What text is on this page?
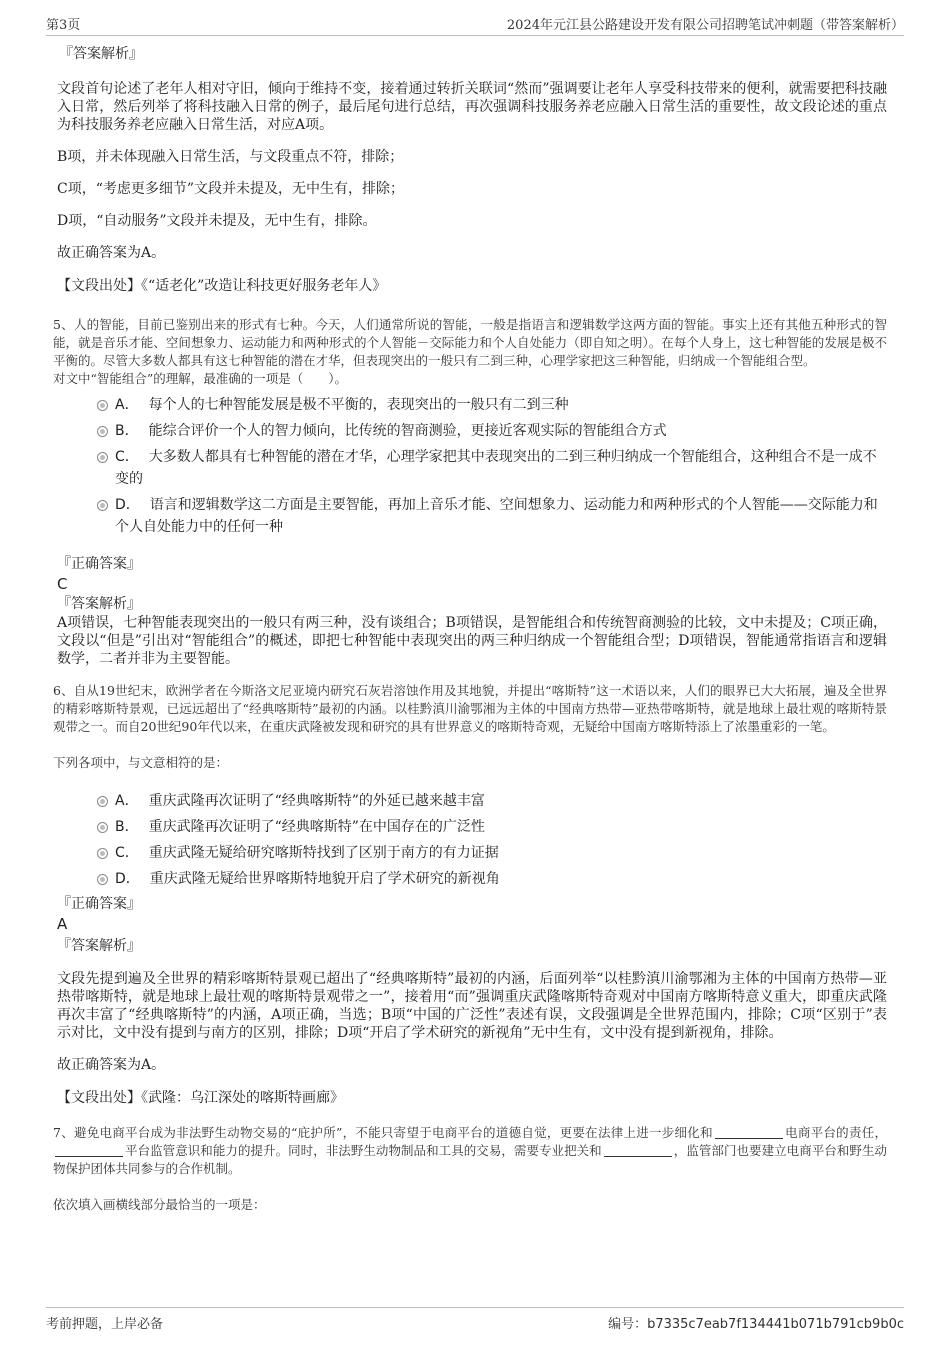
第3页	2024年元江县公路建设开发有限公司招聘笔试冲刺题（带答案解析）
『答案解析』
文段首句论述了老年人相对守旧，倾向于维持不变，接着通过转折关联词“然而”强调要让老年人享受科技带来的便利，就需要把科技融入日常，然后列举了将科技融入日常的例子，最后尾句进行总结，再次强调科技服务养老应融入日常生活的重要性，故文段论述的重点为科技服务养老应融入日常生活，对应A项。
B项，并未体现融入日常生活，与文段重点不符，排除；
C项，“考虑更多细节”文段并未提及，无中生有，排除；
D项，“自动服务”文段并未提及，无中生有，排除。
故正确答案为A。
【文段出处】《“适老化”改造让科技更好服务老年人》
5、人的智能，目前已鉴别出来的形式有七种。今天，人们通常所说的智能，一般是指语言和逻辑数学这两方面的智能。事实上还有其他五种形式的智能，就是音乐才能、空间想象力、运动能力和两种形式的个人智能－交际能力和个人自处能力（即自知之明）。在每个人身上，这七种智能的发展是极不平衡的。尽管大多数人都具有这七种智能的潜在才华，但表现突出的一般只有二到三种，心理学家把这三种智能，归纳成一个智能组合型。
对文中“智能组合”的理解，最准确的一项是（　　）。
A． 每个人的七种智能发展是极不平衡的，表现突出的一般只有二到三种
B． 能综合评价一个人的智力倾向，比传统的智商测验，更接近客观实际的智能组合方式
C． 大多数人都具有七种智能的潜在才华，心理学家把其中表现突出的二到三种归纳成一个智能组合，这种组合不是一成不变的
D． 语言和逻辑数学这二方面是主要智能，再加上音乐才能、空间想象力、运动能力和两种形式的个人智能——交际能力和个人自处能力中的任何一种
『正确答案』
C
『答案解析』
A项错误，七种智能表现突出的一般只有两三种，没有谈组合；B项错误，是智能组合和传统智商测验的比较，文中未提及；C项正确，文段以“但是”引出对“智能组合”的概述，即把七种智能中表现突出的两三种归纳成一个智能组合型；D项错误，智能通常指语言和逻辑数学，二者并非为主要智能。
6、自从19世纪末，欧洲学者在今斯洛文尼亚境内研究石灰岩溶蚀作用及其地貌，并提出“喀斯特”这一术语以来，人们的眼界已大大拓展，遍及全世界的精彩喀斯特景观，已远远超出了“经典喀斯特”最初的内涵。以桂黔滇川渝鄂湘为主体的中国南方热带—亚热带喀斯特，就是地球上最壮观的喀斯特景观带之一。而自20世纪90年代以来，在重庆武隆被发现和研究的具有世界意义的喀斯特奇观，无疑给中国南方喀斯特添上了浓墨重彩的一笔。
下列各项中，与文意相符的是：
A． 重庆武隆再次证明了“经典喀斯特”的外延已越来越丰富
B． 重庆武隆再次证明了“经典喀斯特”在中国存在的广泛性
C． 重庆武隆无疑给研究喀斯特找到了区别于南方的有力证据
D． 重庆武隆无疑给世界喀斯特地貌开启了学术研究的新视角
『正确答案』
A
『答案解析』
文段先提到遍及全世界的精彩喀斯特景观已超出了“经典喀斯特”最初的内涵，后面列举“以桂黔滇川渝鄂湘为主体的中国南方热带—亚热带喀斯特，就是地球上最壮观的喀斯特景观带之一”，接着用“而”强调重庆武隆喀斯特奇观对中国南方喀斯特意义重大，即重庆武隆再次丰富了“经典喀斯特”的内涵，A项正确，当选；B项“中国的广泛性”表述有误，文段强调是全世界范围内，排除；C项“区别于”表示对比，文中没有提到与南方的区别，排除；D项“开启了学术研究的新视角”无中生有，文中没有提到新视角，排除。
故正确答案为A。
【文段出处】《武隆：乌江深处的喀斯特画廊》
7、避免电商平台成为非法野生动物交易的“庇护所”，不能只寄望于电商平台的道德自觉，更要在法律上进一步细化和	电商平台的责任，平台监管意识和能力的提升。同时，非法野生动物制品和工具的交易，需要专业把关和	，监管部门也要建立电商平台和野生动物保护团体共同参与的合作机制。
依次填入画横线部分最恰当的一项是：
考前押题，上岸必备	编号：b7335c7eab7f134441b071b791cb9b0c
